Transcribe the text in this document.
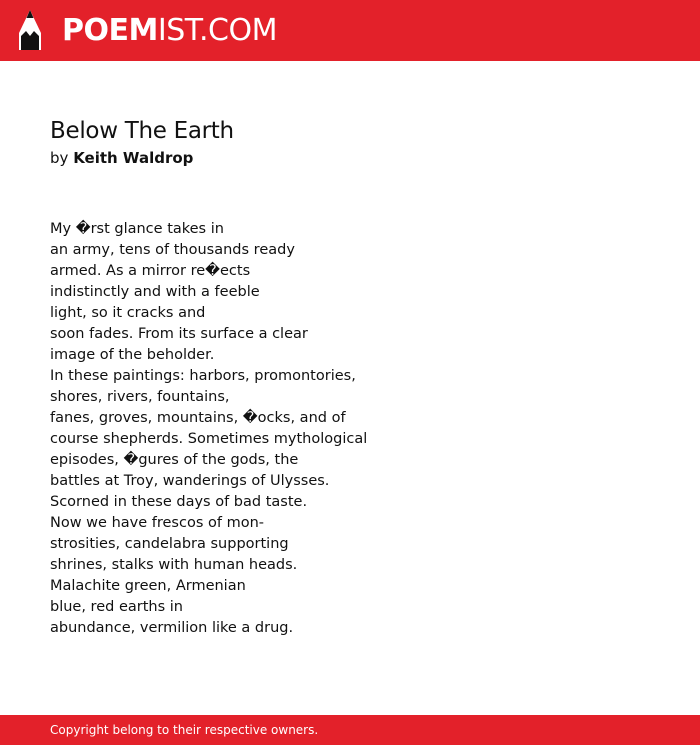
POEMIST.COM
Below The Earth
by Keith Waldrop
My �rst glance takes in
an army, tens of thousands ready
armed. As a mirror re�ects
indistinctly and with a feeble
light, so it cracks and
soon fades. From its surface a clear
image of the beholder.
In these paintings: harbors, promontories,
shores, rivers, fountains,
fanes, groves, mountains, �ocks, and of
course shepherds. Sometimes mythological
episodes, �gures of the gods, the
battles at Troy, wanderings of Ulysses.
Scorned in these days of bad taste.
Now we have frescos of mon-
strosities, candelabra supporting
shrines, stalks with human heads.
Malachite green, Armenian
blue, red earths in
abundance, vermilion like a drug.
Copyright belong to their respective owners.
